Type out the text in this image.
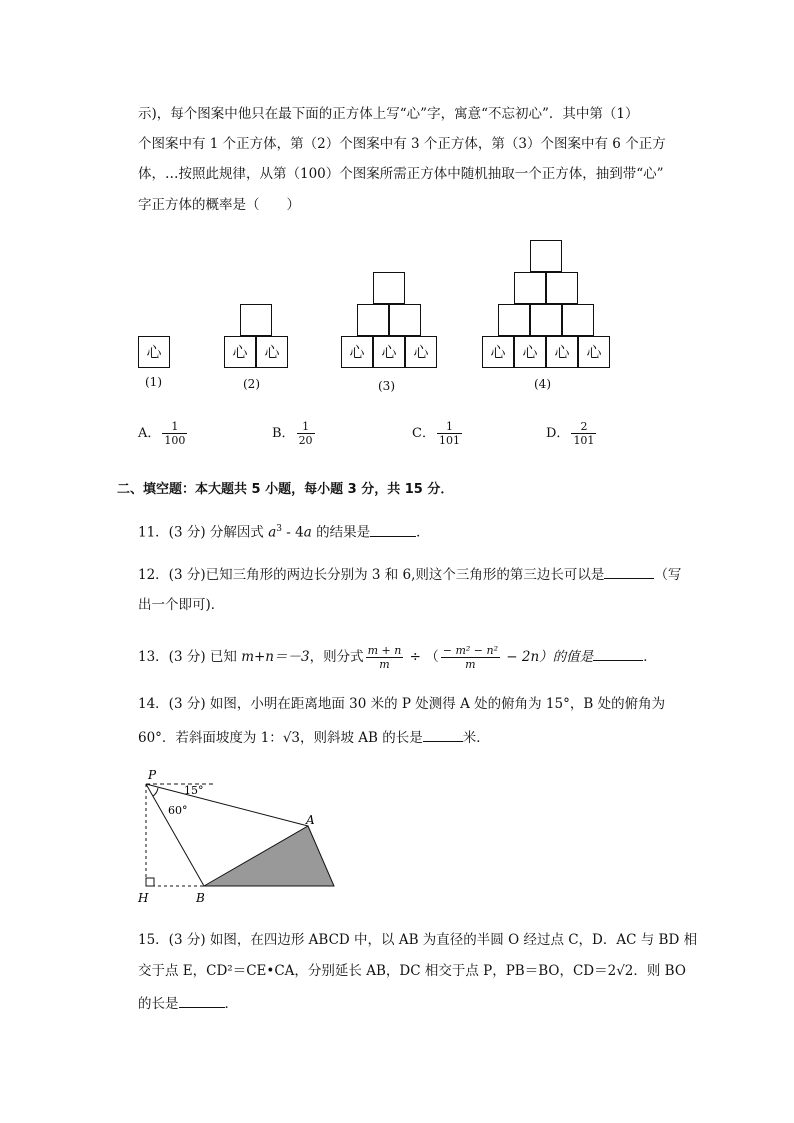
示)，每个图案中他只在最下面的正方体上写“心”字，寓意“不忘初心”．其中第（1）
个图案中有 1 个正方体，第（2）个图案中有 3 个正方体，第（3）个图案中有 6 个正方
体，…按照此规律，从第（100）个图案所需正方体中随机抽取一个正方体，抽到带“心”
字正方体的概率是（　　）
心	心	心	心	心	心	心	心	心	心
(1)	(2)	(3)	(4)
A． $\frac{1}{100}$	B． $\frac{1}{20}$	C． $\frac{1}{101}$	D． $\frac{2}{101}$
二、填空题：本大题共 5 小题，每小题 3 分，共 15 分．
11．(3 分) 分解因式 $a^3 - 4a$ 的结果是	．
12．(3 分)已知三角形的两边长分别为 3 和 6,则这个三角形的第三边长可以是	（写
出一个即可)．
13．(3 分) 已知 m+n＝－3，则分式 $\frac{m + n}{m}$ ÷ （ $\frac{\text{− m² − n²}}{m} - 2n$）的值是	．
14．(3 分) 如图，小明在距离地面 30 米的 P 处测得 A 处的俯角为 15°，B 处的俯角为
60°．若斜面坡度为 1：√3，则斜坡 AB 的长是	米．
P
15°
60°
A
H	B
15．(3 分) 如图，在四边形 ABCD 中，以 AB 为直径的半圆 O 经过点 C，D．AC 与 BD 相
交于点 E，CD²＝CE•CA，分别延长 AB，DC 相交于点 P，PB＝BO，CD＝2√2．则 BO
的长是	．
